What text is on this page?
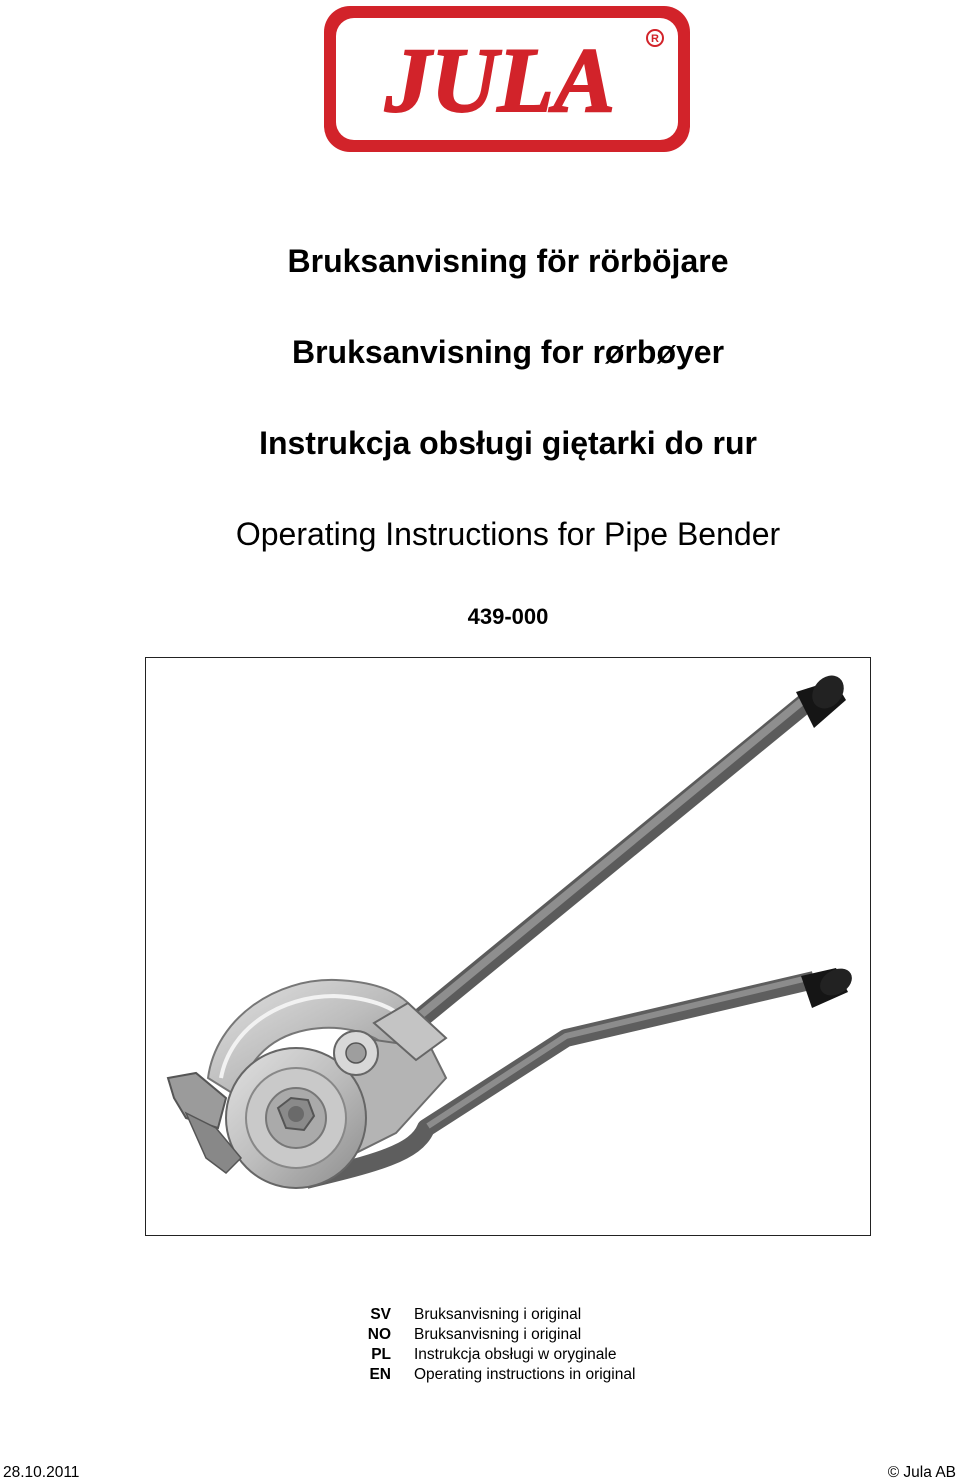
JULA	R
Bruksanvisning för rörböjare
Bruksanvisning for rørbøyer
Instrukcja obsługi giętarki do rur
Operating Instructions for Pipe Bender
439-000
SV Bruksanvisning i original
NO Bruksanvisning i original
PL Instrukcja obsługi w oryginale
EN Operating instructions in original
28.10.2011	© Jula AB
